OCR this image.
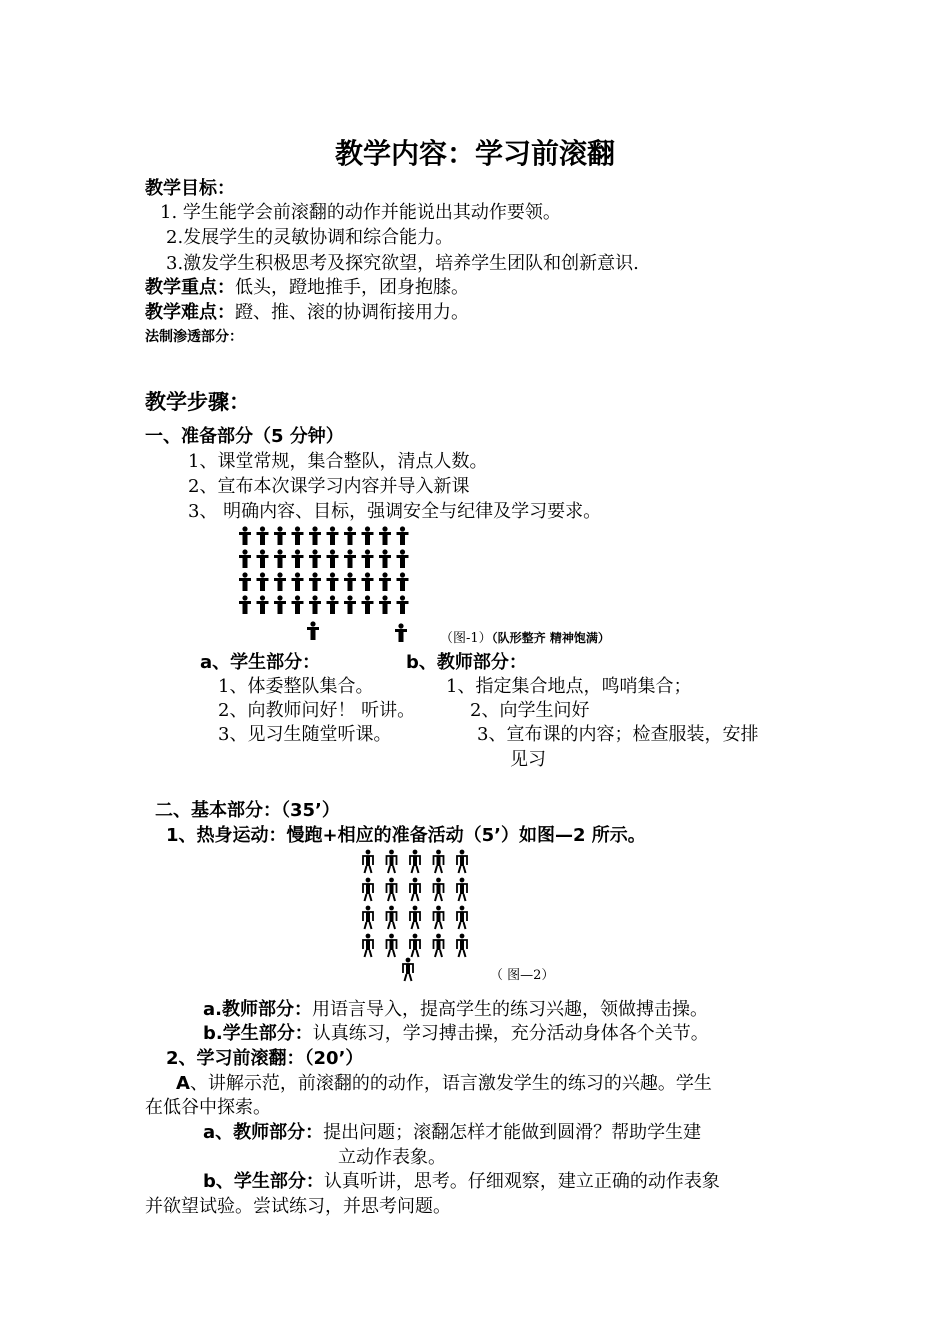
教学内容：学习前滚翻
教学目标：
1. 学生能学会前滚翻的动作并能说出其动作要领。
2.发展学生的灵敏协调和综合能力。
3.激发学生积极思考及探究欲望，培养学生团队和创新意识.
教学重点：低头，蹬地推手，团身抱膝。
教学难点：蹬、推、滚的协调衔接用力。
法制渗透部分：
教学步骤：
一、准备部分（5 分钟）
1、课堂常规，集合整队，清点人数。
2、宣布本次课学习内容并导入新课
3、 明确内容、目标，强调安全与纪律及学习要求。
（图-1）（队形整齐 精神饱满）
a、学生部分：	b、教师部分：
1、体委整队集合。
2、向教师问好！ 听讲。
3、见习生随堂听课。
1、指定集合地点，鸣哨集合；
2、向学生问好
3、宣布课的内容；检查服装，安排
见习
二、基本部分：（35’）
1、热身运动：慢跑+相应的准备活动（5’）如图—2 所示。
（ 图—2）
a.教师部分：用语言导入，提高学生的练习兴趣，领做搏击操。
b.学生部分：认真练习，学习搏击操，充分活动身体各个关节。
2、学习前滚翻：（20’）
A、讲解示范，前滚翻的的动作，语言激发学生的练习的兴趣。学生
在低谷中探索。
a、教师部分：提出问题；滚翻怎样才能做到圆滑？帮助学生建
立动作表象。
b、学生部分：认真听讲，思考。仔细观察，建立正确的动作表象
并欲望试验。尝试练习，并思考问题。
